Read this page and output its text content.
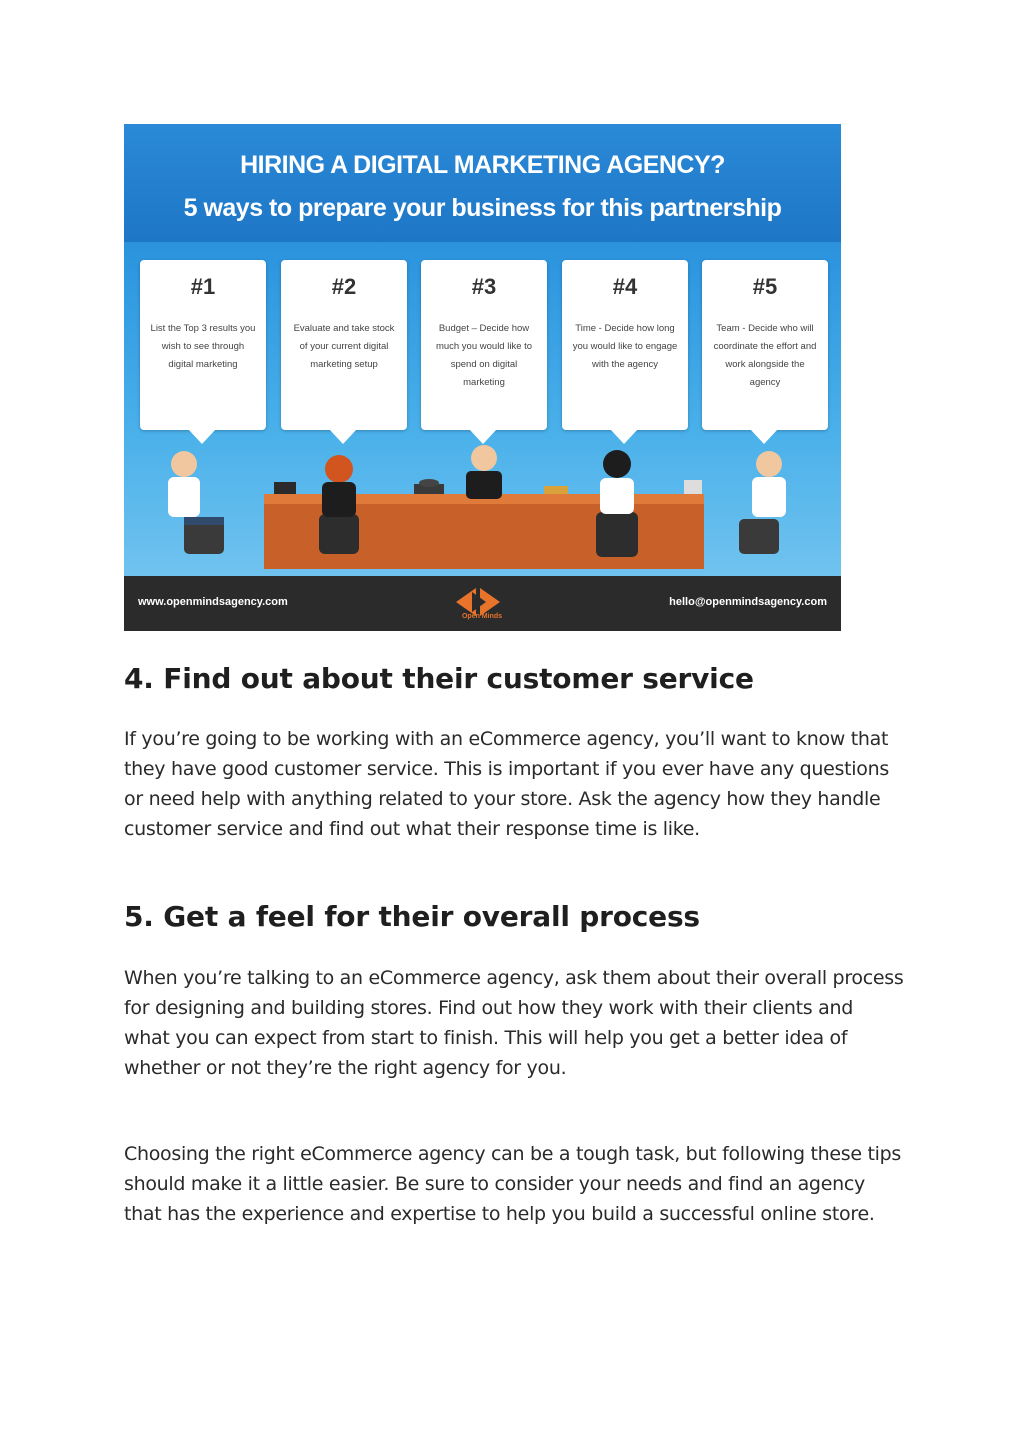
HIRING A DIGITAL MARKETING AGENCY?
5 ways to prepare your business for this partnership
#1
List the Top 3 results you wish to see through digital marketing
#2
Evaluate and take stock of your current digital marketing setup
#3
Budget – Decide how much you would like to spend on digital marketing
#4
Time - Decide how long you would like to engage with the agency
#5
Team - Decide who will coordinate the effort and work alongside the agency
www.openmindsagency.com
Open Minds
hello@openmindsagency.com
4. Find out about their customer service

If you’re going to be working with an eCommerce agency, you’ll want to know that they have good customer service. This is important if you ever have any questions or need help with anything related to your store. Ask the agency how they handle customer service and find out what their response time is like.

5. Get a feel for their overall process

When you’re talking to an eCommerce agency, ask them about their overall process for designing and building stores. Find out how they work with their clients and what you can expect from start to finish. This will help you get a better idea of whether or not they’re the right agency for you.

Choosing the right eCommerce agency can be a tough task, but following these tips should make it a little easier. Be sure to consider your needs and find an agency that has the experience and expertise to help you build a successful online store.
